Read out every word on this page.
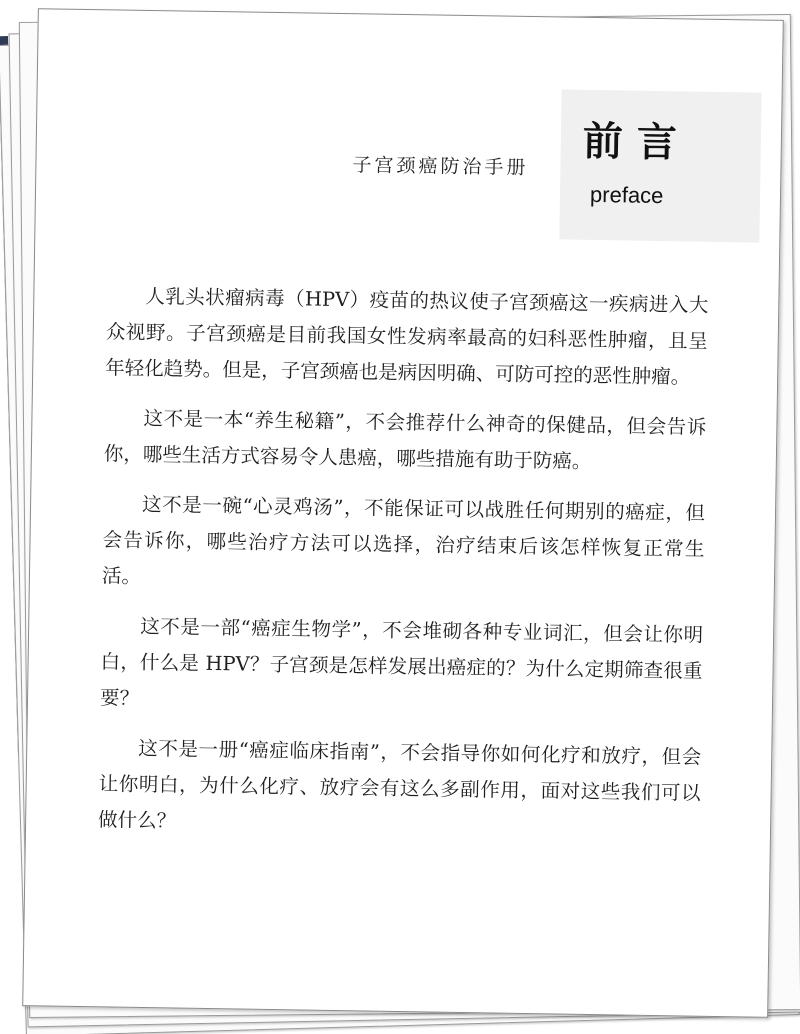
子宫颈癌防治手册
前言
preface

人乳头状瘤病毒（HPV）疫苗的热议使子宫颈癌这一疾病进入大众视野。子宫颈癌是目前我国女性发病率最高的妇科恶性肿瘤，且呈年轻化趋势。但是，子宫颈癌也是病因明确、可防可控的恶性肿瘤。

这不是一本“养生秘籍”，不会推荐什么神奇的保健品，但会告诉你，哪些生活方式容易令人患癌，哪些措施有助于防癌。

这不是一碗“心灵鸡汤”，不能保证可以战胜任何期别的癌症，但会告诉你，哪些治疗方法可以选择，治疗结束后该怎样恢复正常生活。

这不是一部“癌症生物学”，不会堆砌各种专业词汇，但会让你明白，什么是 HPV？子宫颈是怎样发展出癌症的？为什么定期筛查很重要？

这不是一册“癌症临床指南”，不会指导你如何化疗和放疗，但会让你明白，为什么化疗、放疗会有这么多副作用，面对这些我们可以做什么？
